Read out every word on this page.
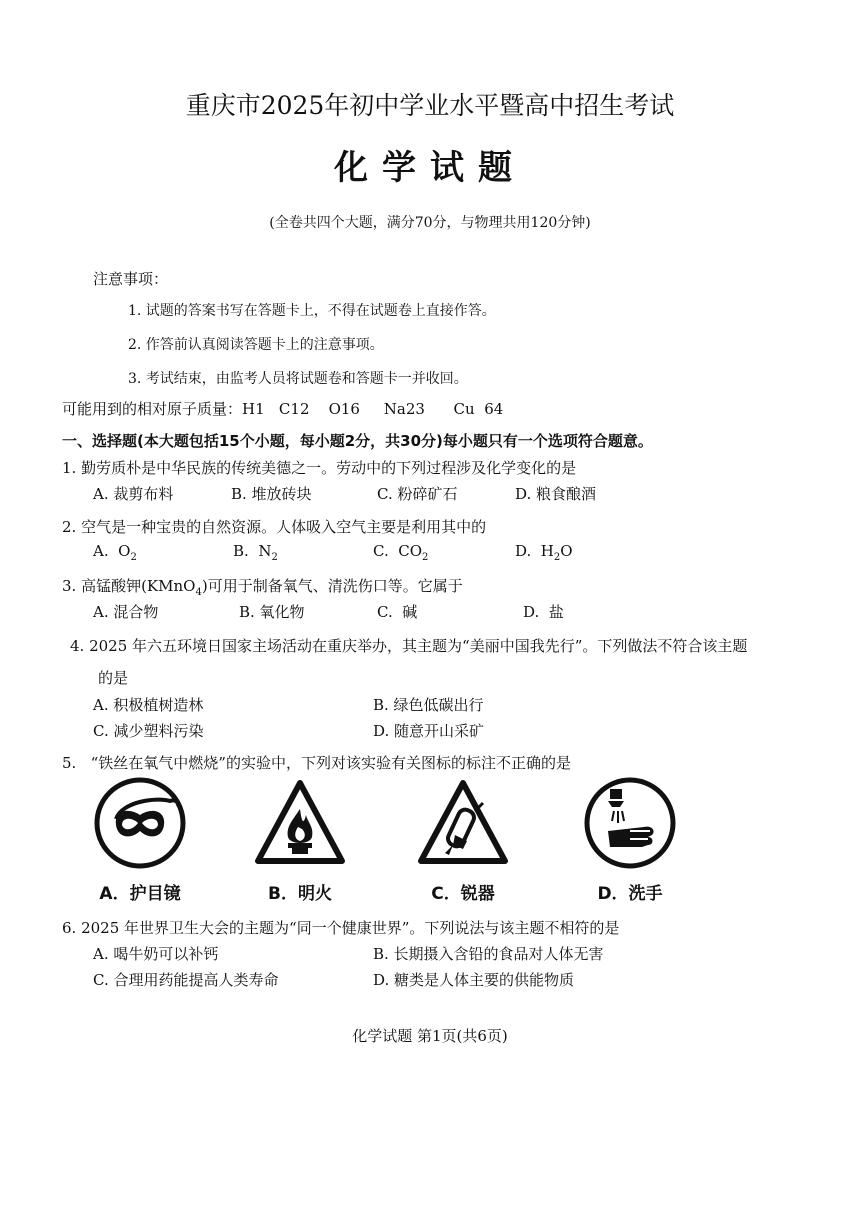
重庆市2025年初中学业水平暨高中招生考试
化学试题
(全卷共四个大题，满分70分，与物理共用120分钟)
注意事项：
1. 试题的答案书写在答题卡上，不得在试题卷上直接作答。
2. 作答前认真阅读答题卡上的注意事项。
3. 考试结束，由监考人员将试题卷和答题卡一并收回。
可能用到的相对原子质量：H1   C12    O16     Na23      Cu  64
一、选择题(本大题包括15个小题，每小题2分，共30分)每小题只有一个选项符合题意。
1. 勤劳质朴是中华民族的传统美德之一。劳动中的下列过程涉及化学变化的是
A. 裁剪布料	B. 堆放砖块	C. 粉碎矿石	D. 粮食酿酒
2. 空气是一种宝贵的自然资源。人体吸入空气主要是利用其中的
A.  $O_2$	B.  $N_2$	C.  $CO_2$	D.  $H_2O$
3. 高锰酸钾(KMnO$_4$)可用于制备氧气、清洗伤口等。它属于
A. 混合物	B. 氧化物	C.  碱	D.  盐
4. 2025 年六五环境日国家主场活动在重庆举办，其主题为“美丽中国我先行”。下列做法不符合该主题
的是
A. 积极植树造林	B. 绿色低碳出行
C. 减少塑料污染	D. 随意开山采矿
5.   “铁丝在氧气中燃烧”的实验中，下列对该实验有关图标的标注不正确的是
A．护目镜	B．明火	C．锐器	D．洗手
6. 2025 年世界卫生大会的主题为“同一个健康世界”。下列说法与该主题不相符的是
A. 喝牛奶可以补钙	B. 长期摄入含铅的食品对人体无害
C. 合理用药能提高人类寿命	D. 糖类是人体主要的供能物质
化学试题 第1页(共6页)
